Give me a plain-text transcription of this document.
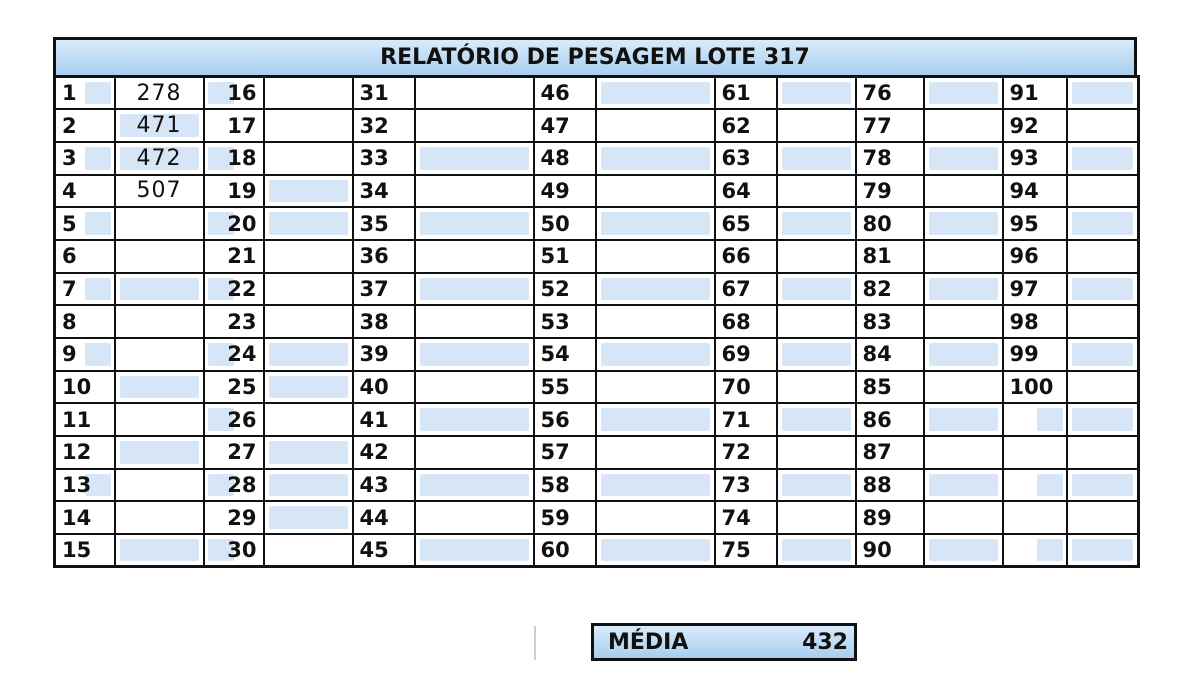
RELATÓRIO DE PESAGEM LOTE 317
1	278	16		31		46		61		76		91	

2	471	17		32		47		62		77		92	

3	472	18		33		48		63		78		93	

4	507	19		34		49		64		79		94	

5		20		35		50		65		80		95	

6		21		36		51		66		81		96	

7		22		37		52		67		82		97	

8		23		38		53		68		83		98	

9		24		39		54		69		84		99	

10		25		40		55		70		85		100	
11		26		41		56		71		86	

12		27		42		57		72		87			

13		28		43		58		73		88	

14		29		44		59		74		89			
15		30		45		60		75		90	

MÉDIA	432
